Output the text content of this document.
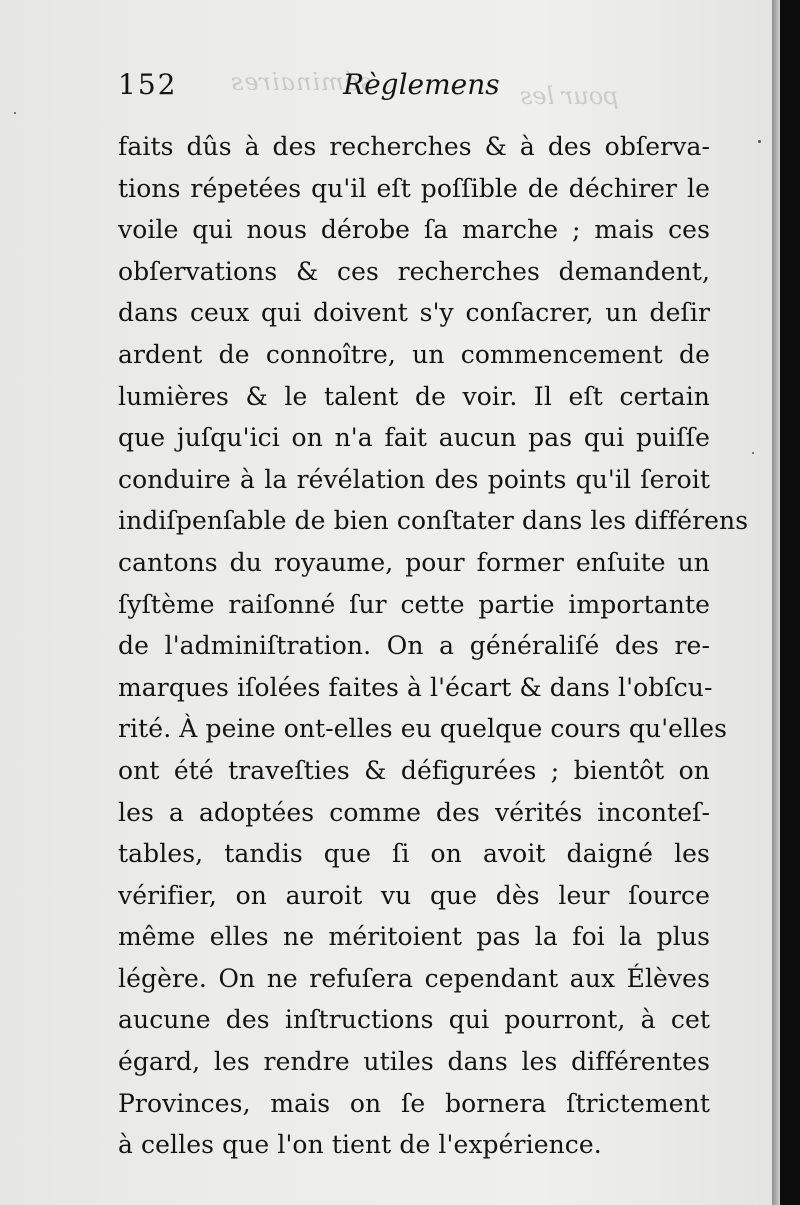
séminaires	pour les
152	Règlemens
faits dûs à des recherches & à des obſerva-
tions répetées qu'il eſt poſſible de déchirer le
voile qui nous dérobe ſa marche ; mais ces
obſervations & ces recherches demandent,
dans ceux qui doivent s'y conſacrer, un deſir
ardent de connoître, un commencement de
lumières & le talent de voir. Il eſt certain
que juſqu'ici on n'a fait aucun pas qui puiſſe
conduire à la révélation des points qu'il ſeroit
indiſpenſable de bien conſtater dans les différens
cantons du royaume, pour former enſuite un
ſyſtème raiſonné ſur cette partie importante
de l'adminiſtration. On a généraliſé des re-
marques iſolées faites à l'écart & dans l'obſcu-
rité. À peine ont-elles eu quelque cours qu'elles
ont été traveſties & défigurées ; bientôt on
les a adoptées comme des vérités inconteſ-
tables, tandis que ſi on avoit daigné les
vérifier, on auroit vu que dès leur ſource
même elles ne méritoient pas la foi la plus
légère. On ne refuſera cependant aux Élèves
aucune des inſtructions qui pourront, à cet
égard, les rendre utiles dans les différentes
Provinces, mais on ſe bornera ſtrictement
à celles que l'on tient de l'expérience.
